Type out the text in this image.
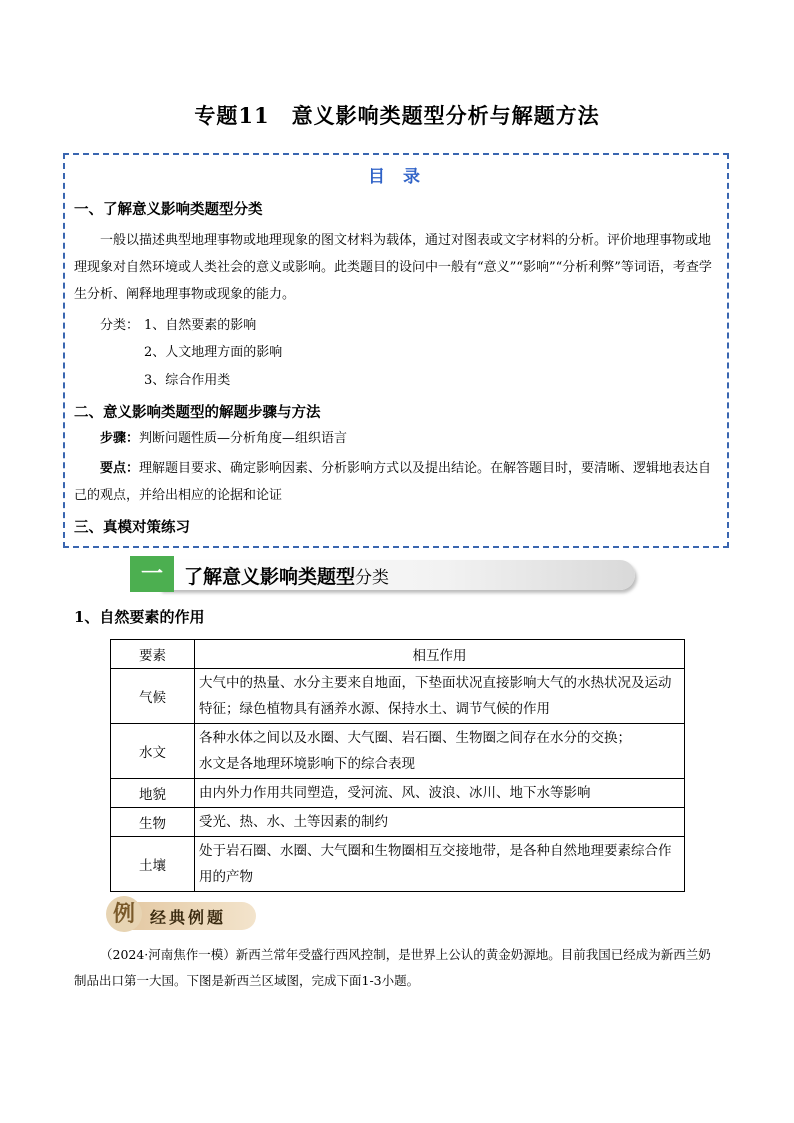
专题11　意义影响类题型分析与解题方法
目 录
一、了解意义影响类题型分类
一般以描述典型地理事物或地理现象的图文材料为载体，通过对图表或文字材料的分析。评价地理事物或地理现象对自然环境或人类社会的意义或影响。此类题目的设问中一般有“意义”“影响”“分析利弊”等词语，考查学生分析、阐释地理事物或现象的能力。
分类： 1、自然要素的影响
2、人文地理方面的影响
3、综合作用类
二、意义影响类题型的解题步骤与方法
步骤：判断问题性质—分析角度—组织语言
要点：理解题目要求、确定影响因素、分析影响方式以及提出结论。在解答题目时，要清晰、逻辑地表达自己的观点，并给出相应的论据和论证
三、真模对策练习
一	了解意义影响类题型分类
1、自然要素的作用
要素	相互作用
气候	大气中的热量、水分主要来自地面，下垫面状况直接影响大气的水热状况及运动特征；绿色植物具有涵养水源、保持水土、调节气候的作用
水文	各种水体之间以及水圈、大气圈、岩石圈、生物圈之间存在水分的交换；
水文是各地理环境影响下的综合表现

地貌	由内外力作用共同塑造，受河流、风、波浪、冰川、地下水等影响
生物	受光、热、水、土等因素的制约
土壤	处于岩石圈、水圈、大气圈和生物圈相互交接地带，是各种自然地理要素综合作用的产物
例 经典例题
（2024·河南焦作一模）新西兰常年受盛行西风控制，是世界上公认的黄金奶源地。目前我国已经成为新西兰奶制品出口第一大国。下图是新西兰区域图，完成下面1-3小题。
